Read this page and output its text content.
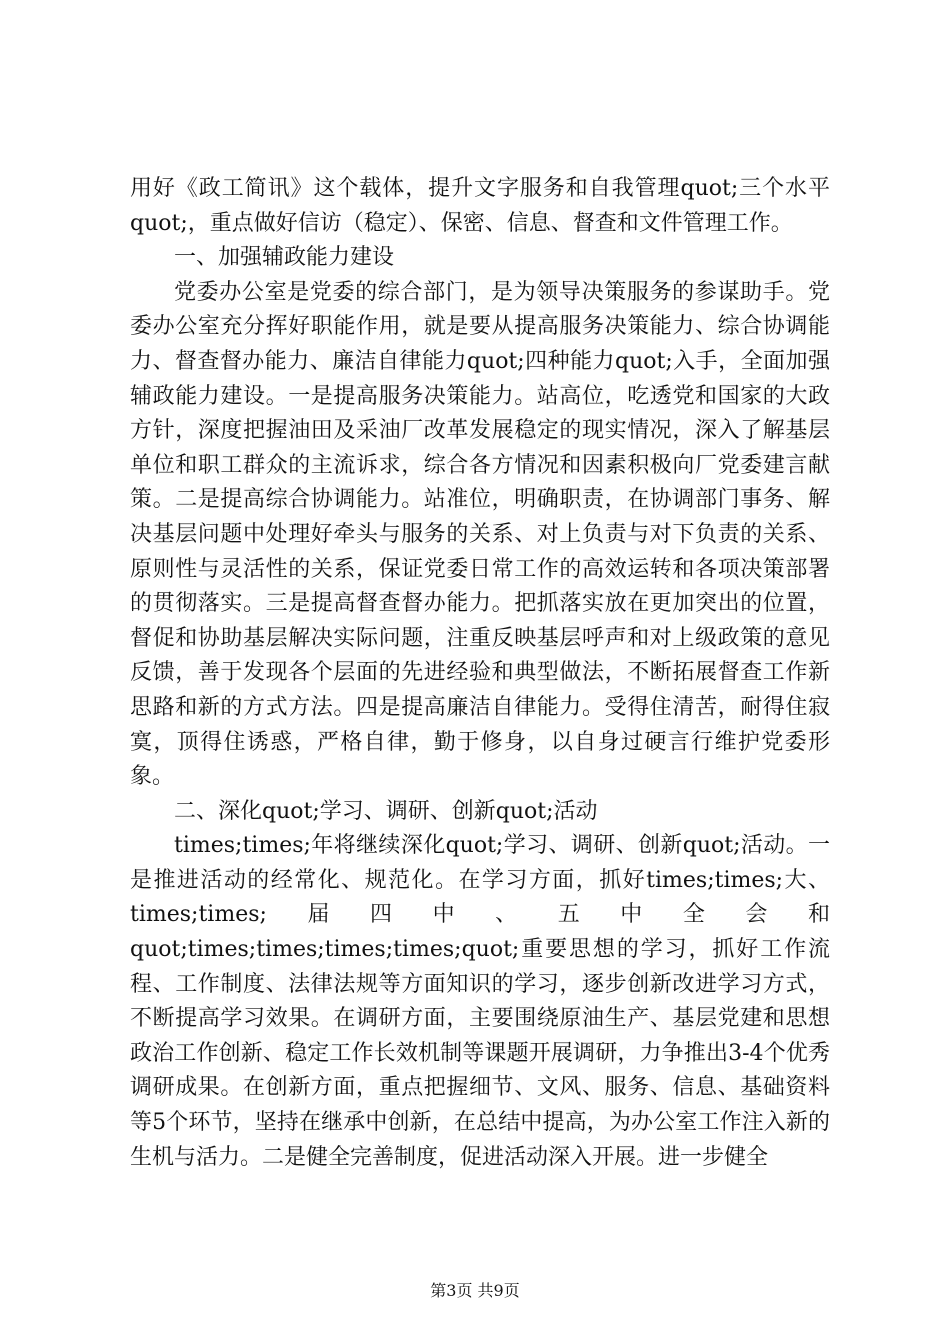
用好《政工简讯》这个载体，提升文字服务和自我管理quot;三个水平quot;，重点做好信访（稳定）、保密、信息、督查和文件管理工作。

一、加强辅政能力建设

党委办公室是党委的综合部门，是为领导决策服务的参谋助手。党委办公室充分挥好职能作用，就是要从提高服务决策能力、综合协调能力、督查督办能力、廉洁自律能力quot;四种能力quot;入手，全面加强辅政能力建设。一是提高服务决策能力。站高位，吃透党和国家的大政方针，深度把握油田及采油厂改革发展稳定的现实情况，深入了解基层单位和职工群众的主流诉求，综合各方情况和因素积极向厂党委建言献策。二是提高综合协调能力。站准位，明确职责，在协调部门事务、解决基层问题中处理好牵头与服务的关系、对上负责与对下负责的关系、原则性与灵活性的关系，保证党委日常工作的高效运转和各项决策部署的贯彻落实。三是提高督查督办能力。把抓落实放在更加突出的位置，督促和协助基层解决实际问题，注重反映基层呼声和对上级政策的意见反馈，善于发现各个层面的先进经验和典型做法，不断拓展督查工作新思路和新的方式方法。四是提高廉洁自律能力。受得住清苦，耐得住寂寞，顶得住诱惑，严格自律，勤于修身，以自身过硬言行维护党委形象。

二、深化quot;学习、调研、创新quot;活动

times;times;年将继续深化quot;学习、调研、创新quot;活动。一是推进活动的经常化、规范化。在学习方面，抓好times;times;大、times;times;届四中、五中全会和quot;times;times;times;times;quot;重要思想的学习，抓好工作流程、工作制度、法律法规等方面知识的学习，逐步创新改进学习方式，不断提高学习效果。在调研方面，主要围绕原油生产、基层党建和思想政治工作创新、稳定工作长效机制等课题开展调研，力争推出3-4个优秀调研成果。在创新方面，重点把握细节、文风、服务、信息、基础资料等5个环节，坚持在继承中创新，在总结中提高，为办公室工作注入新的生机与活力。二是健全完善制度，促进活动深入开展。进一步健全

第3页 共9页
